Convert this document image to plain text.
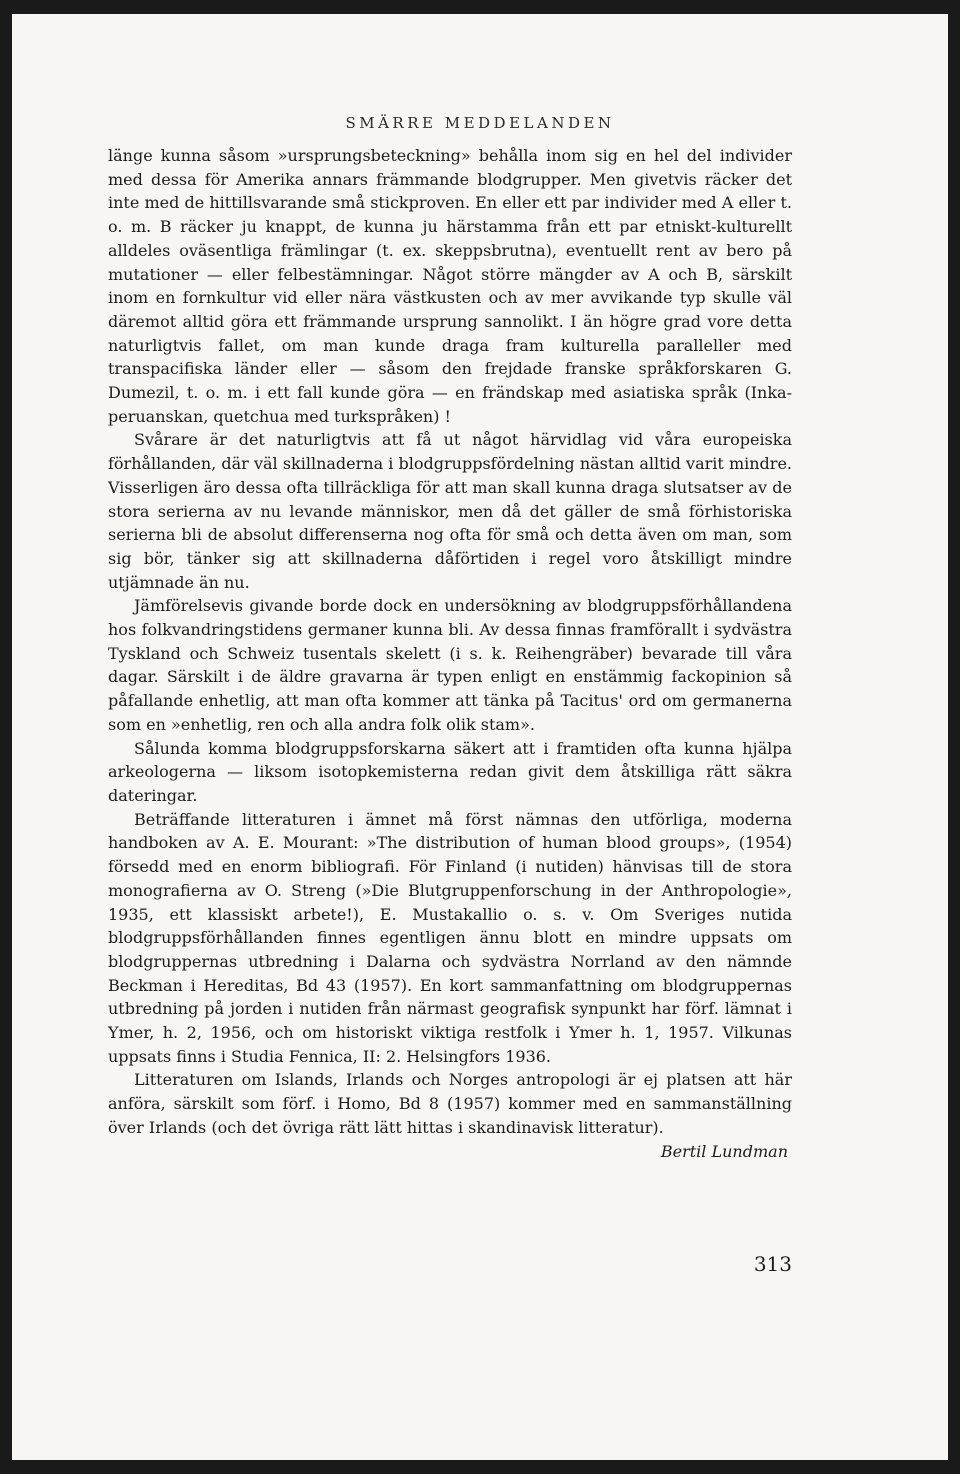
SMÄRRE MEDDELANDEN

länge kunna såsom »ursprungsbeteckning» behålla inom sig en hel del individer med dessa för Amerika annars främmande blodgrupper. Men givetvis räcker det inte med de hittillsvarande små stickproven. En eller ett par individer med A eller t. o. m. B räcker ju knappt, de kunna ju härstamma från ett par etniskt-kulturellt alldeles oväsentliga främlingar (t. ex. skeppsbrutna), eventuellt rent av bero på mutationer — eller felbestämningar. Något större mängder av A och B, särskilt inom en fornkultur vid eller nära västkusten och av mer avvikande typ skulle väl däremot alltid göra ett främmande ursprung sannolikt. I än högre grad vore detta naturligtvis fallet, om man kunde draga fram kulturella paralleller med transpacifiska länder eller — såsom den frejdade franske språkforskaren G. Dumezil, t. o. m. i ett fall kunde göra — en frändskap med asiatiska språk (Inka-peruanskan, quetchua med turkspråken) !

Svårare är det naturligtvis att få ut något härvidlag vid våra europeiska förhållanden, där väl skillnaderna i blodgruppsfördelning nästan alltid varit mindre. Visserligen äro dessa ofta tillräckliga för att man skall kunna draga slutsatser av de stora serierna av nu levande människor, men då det gäller de små förhistoriska serierna bli de absolut differenserna nog ofta för små och detta även om man, som sig bör, tänker sig att skillnaderna dåförtiden i regel voro åtskilligt mindre utjämnade än nu.

Jämförelsevis givande borde dock en undersökning av blodgruppsförhållandena hos folkvandringstidens germaner kunna bli. Av dessa finnas framförallt i sydvästra Tyskland och Schweiz tusentals skelett (i s. k. Reihengräber) bevarade till våra dagar. Särskilt i de äldre gravarna är typen enligt en enstämmig fackopinion så påfallande enhetlig, att man ofta kommer att tänka på Tacitus' ord om germanerna som en »enhetlig, ren och alla andra folk olik stam».

Sålunda komma blodgruppsforskarna säkert att i framtiden ofta kunna hjälpa arkeologerna — liksom isotopkemisterna redan givit dem åtskilliga rätt säkra dateringar.

Beträffande litteraturen i ämnet må först nämnas den utförliga, moderna handboken av A. E. Mourant: »The distribution of human blood groups», (1954) försedd med en enorm bibliografi. För Finland (i nutiden) hänvisas till de stora monografierna av O. Streng (»Die Blutgruppenforschung in der Anthropologie», 1935, ett klassiskt arbete!), E. Mustakallio o. s. v. Om Sveriges nutida blodgruppsförhållanden finnes egentligen ännu blott en mindre uppsats om blodgruppernas utbredning i Dalarna och sydvästra Norrland av den nämnde Beckman i Hereditas, Bd 43 (1957). En kort sammanfattning om blodgruppernas utbredning på jorden i nutiden från närmast geografisk synpunkt har förf. lämnat i Ymer, h. 2, 1956, och om historiskt viktiga restfolk i Ymer h. 1, 1957. Vilkunas uppsats finns i Studia Fennica, II: 2. Helsingfors 1936.

Litteraturen om Islands, Irlands och Norges antropologi är ej platsen att här anföra, särskilt som förf. i Homo, Bd 8 (1957) kommer med en sammanställning över Irlands (och det övriga rätt lätt hittas i skandinavisk litteratur).
Bertil Lundman

313
